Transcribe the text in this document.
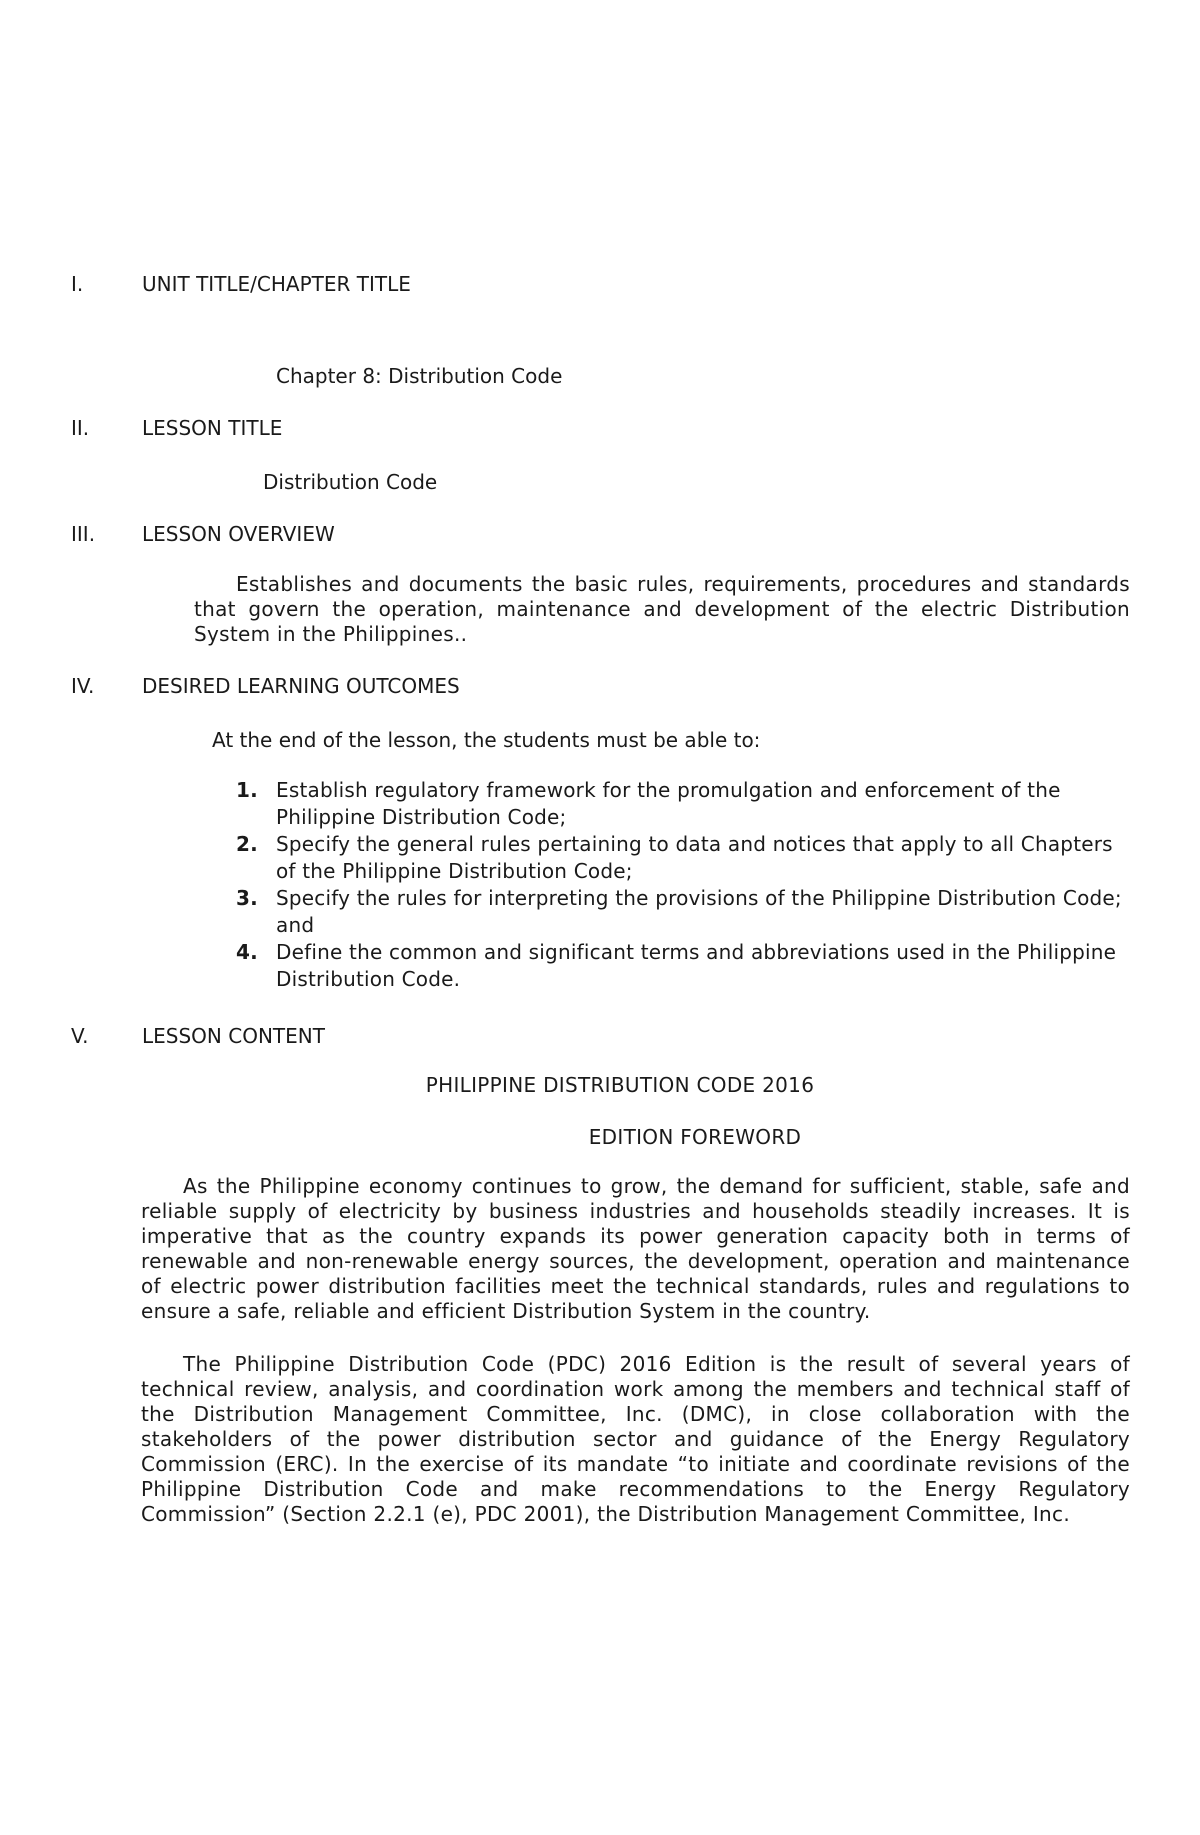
I.	UNIT TITLE/CHAPTER TITLE
Chapter 8: Distribution Code
II.	LESSON TITLE
Distribution Code
III. LESSON OVERVIEW
Establishes and documents the basic rules, requirements, procedures and standards that govern the operation, maintenance and development of the electric Distribution System in the Philippines..
IV. DESIRED LEARNING OUTCOMES
At the end of the lesson, the students must be able to:
1. Establish regulatory framework for the promulgation and enforcement of the Philippine Distribution Code;
2. Specify the general rules pertaining to data and notices that apply to all Chapters of the Philippine Distribution Code;
3. Specify the rules for interpreting the provisions of the Philippine Distribution Code; and
4. Define the common and significant terms and abbreviations used in the Philippine Distribution Code.
V.	LESSON CONTENT
PHILIPPINE DISTRIBUTION CODE 2016
EDITION FOREWORD
As the Philippine economy continues to grow, the demand for sufficient, stable, safe and reliable supply of electricity by business industries and households steadily increases. It is imperative that as the country expands its power generation capacity both in terms of renewable and non-renewable energy sources, the development, operation and maintenance of electric power distribution facilities meet the technical standards, rules and regulations to ensure a safe, reliable and efficient Distribution System in the country.
The Philippine Distribution Code (PDC) 2016 Edition is the result of several years of technical review, analysis, and coordination work among the members and technical staff of the Distribution Management Committee, Inc. (DMC), in close collaboration with the stakeholders of the power distribution sector and guidance of the Energy Regulatory Commission (ERC). In the exercise of its mandate “to initiate and coordinate revisions of the Philippine Distribution Code and make recommendations to the Energy Regulatory Commission” (Section 2.2.1 (e), PDC 2001), the Distribution Management Committee, Inc.
